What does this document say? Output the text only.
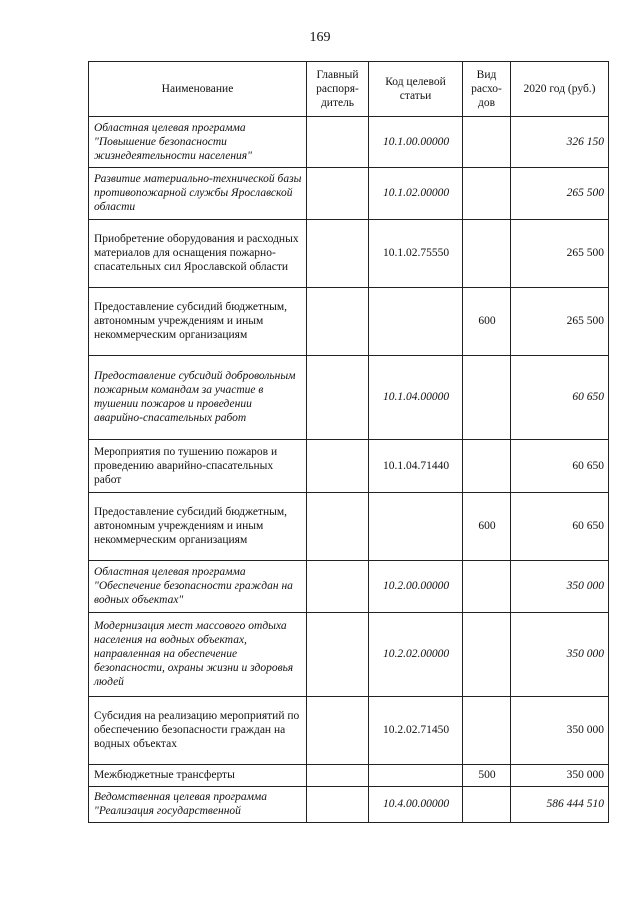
169
Наименование	Главный распоря-дитель	Код целевой статьи	Вид расхо-дов	2020 год (руб.)
Областная целевая программа "Повышение безопасности жизнедеятельности населения"		10.1.00.00000		326 150
Развитие материально-технической базы противопожарной службы Ярославской области		10.1.02.00000		265 500
Приобретение оборудования и расходных материалов для оснащения пожарно-спасательных сил Ярославской области		10.1.02.75550		265 500
Предоставление субсидий бюджетным, автономным учреждениям и иным некоммерческим организациям			600	265 500
Предоставление субсидий добровольным пожарным командам за участие в тушении пожаров и проведении аварийно-спасательных работ		10.1.04.00000		60 650
Мероприятия по тушению пожаров и проведению аварийно-спасательных работ		10.1.04.71440		60 650
Предоставление субсидий бюджетным, автономным учреждениям и иным некоммерческим организациям			600	60 650
Областная целевая программа "Обеспечение безопасности граждан на водных объектах"		10.2.00.00000		350 000
Модернизация мест массового отдыха населения на водных объектах, направленная на обеспечение безопасности, охраны жизни и здоровья людей		10.2.02.00000		350 000
Субсидия на реализацию мероприятий по обеспечению безопасности граждан на водных объектах		10.2.02.71450		350 000
Межбюджетные трансферты			500	350 000
Ведомственная целевая программа "Реализация государственной		10.4.00.00000		586 444 510
